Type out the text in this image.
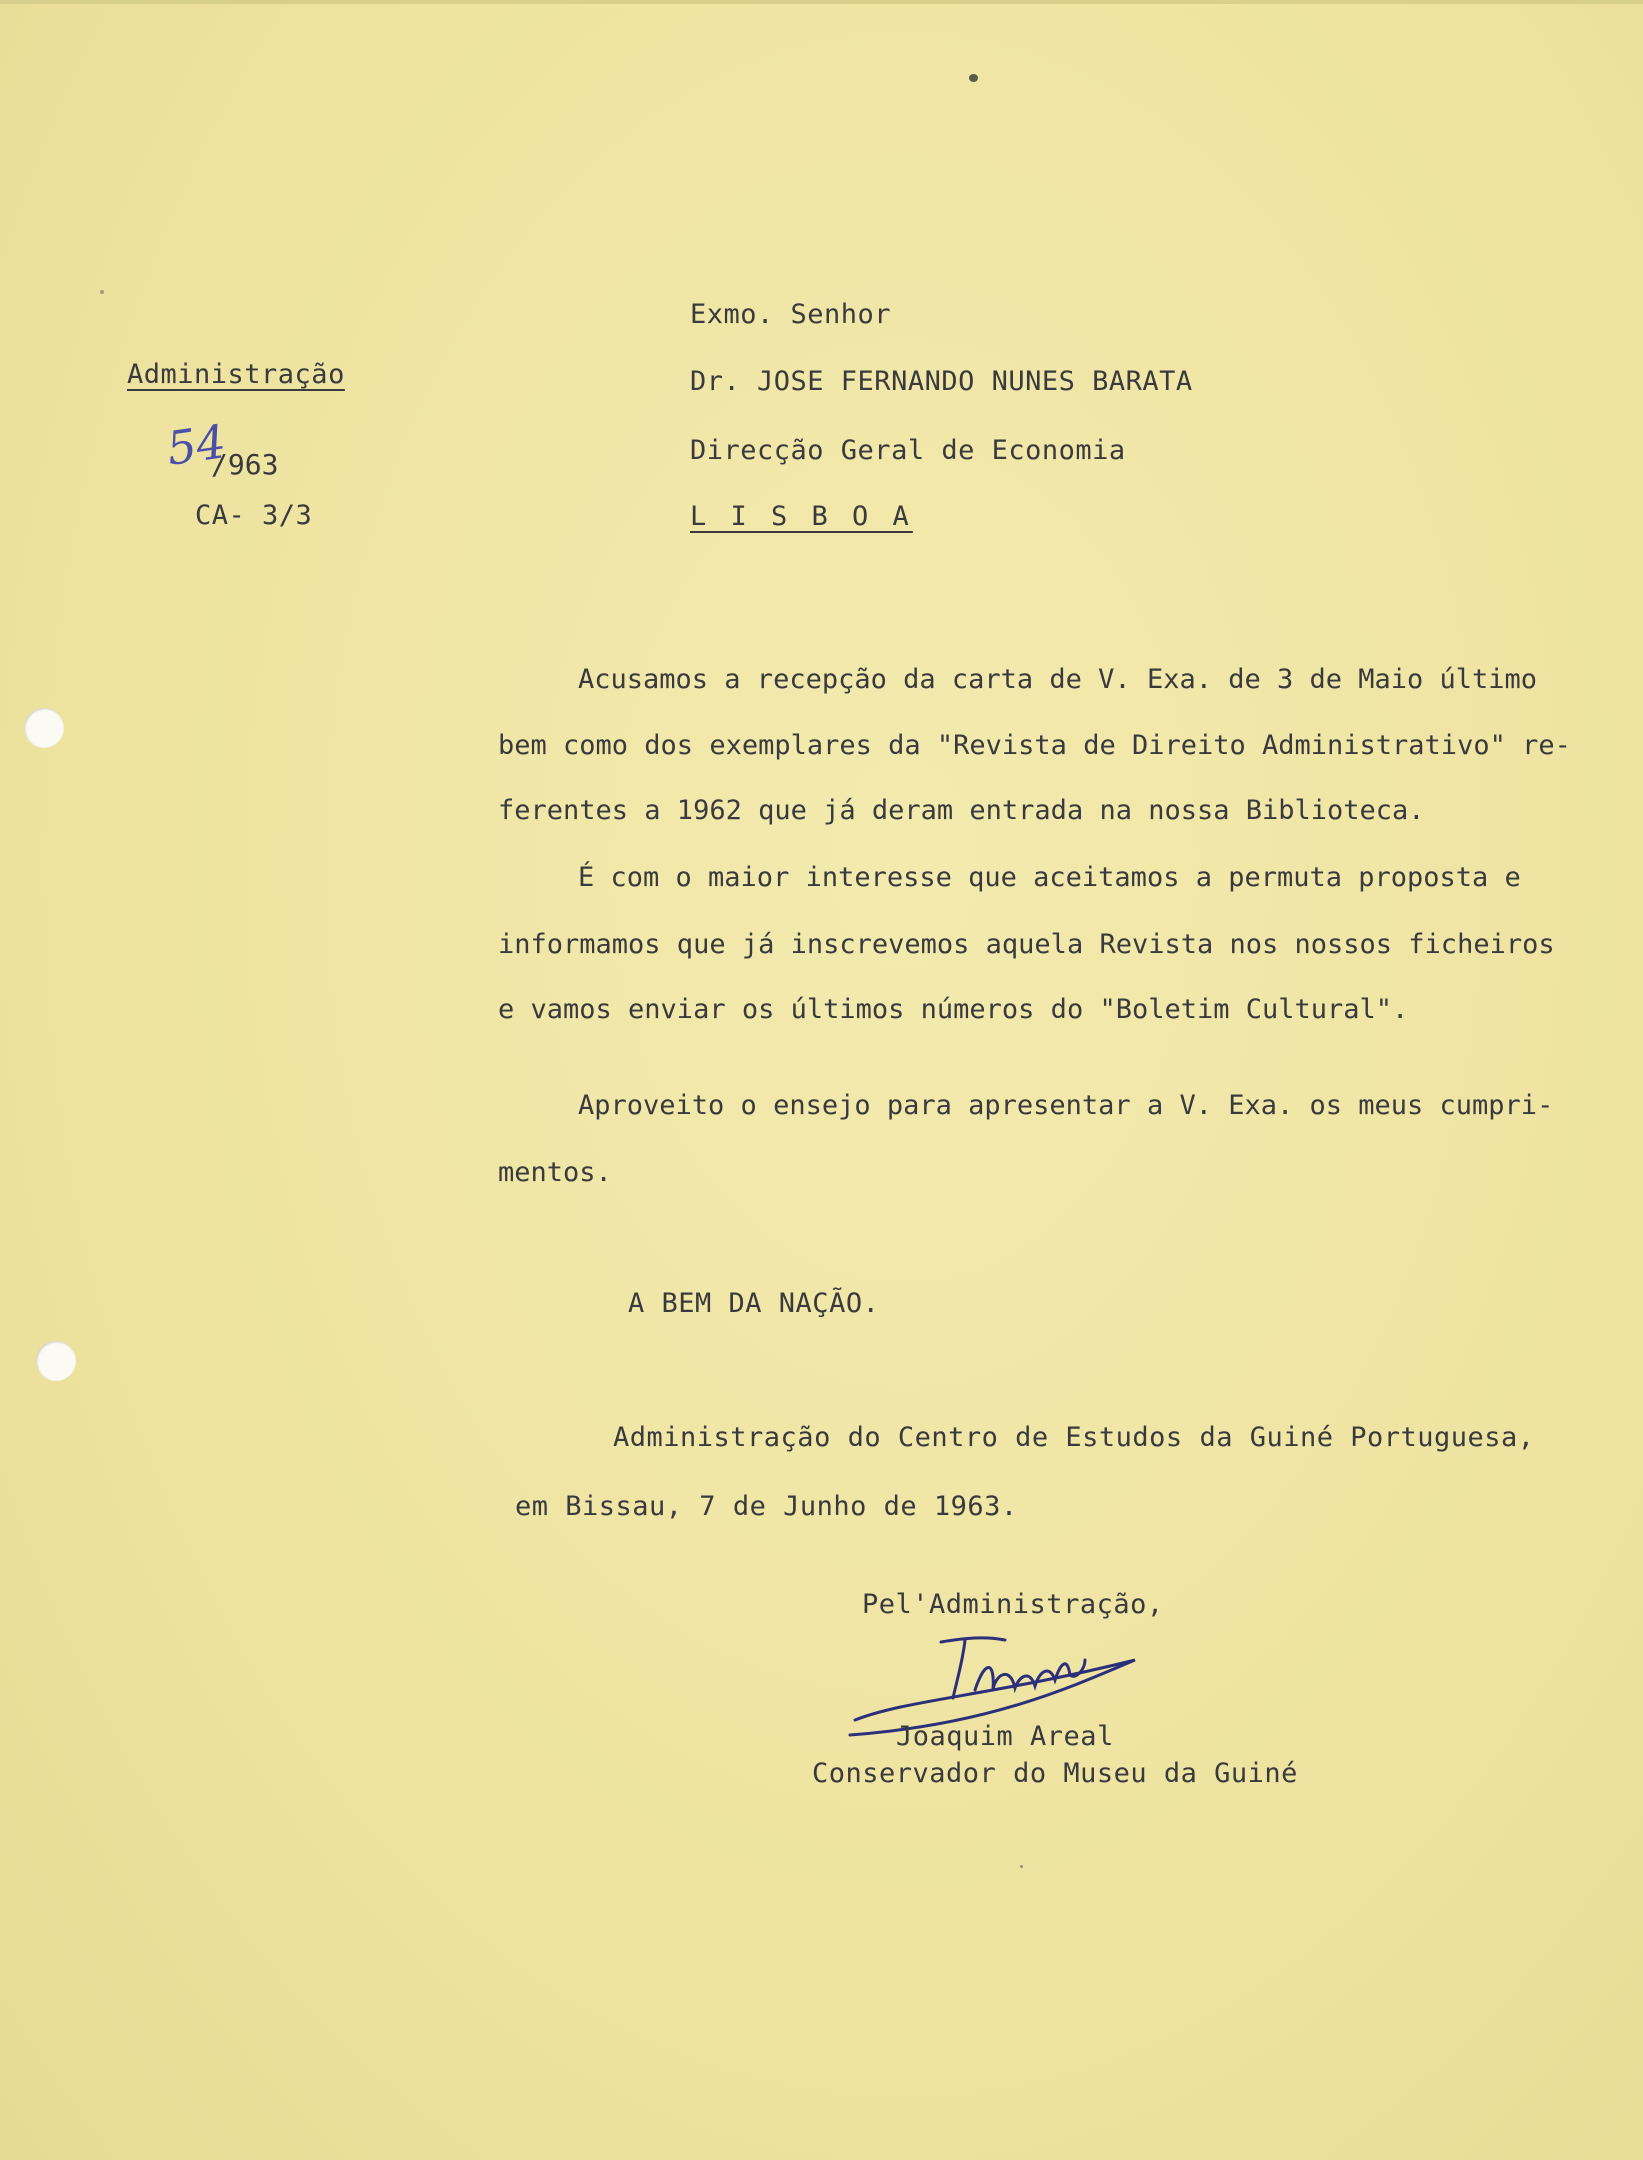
Administração
54
/963
CA- 3/3
Exmo. Senhor
Dr. JOSE FERNANDO NUNES BARATA
Direcção Geral de Economia
L I S B O A
Acusamos a recepção da carta de V. Exa. de 3 de Maio último
bem como dos exemplares da "Revista de Direito Administrativo" re-
ferentes a 1962 que já deram entrada na nossa Biblioteca.
É com o maior interesse que aceitamos a permuta proposta e
informamos que já inscrevemos aquela Revista nos nossos ficheiros
e vamos enviar os últimos números do "Boletim Cultural".
Aproveito o ensejo para apresentar a V. Exa. os meus cumpri-
mentos.
A BEM DA NAÇÃO.
Administração do Centro de Estudos da Guiné Portuguesa,
em Bissau, 7 de Junho de 1963.
Pel'Administração,
Joaquim Areal
Conservador do Museu da Guiné
